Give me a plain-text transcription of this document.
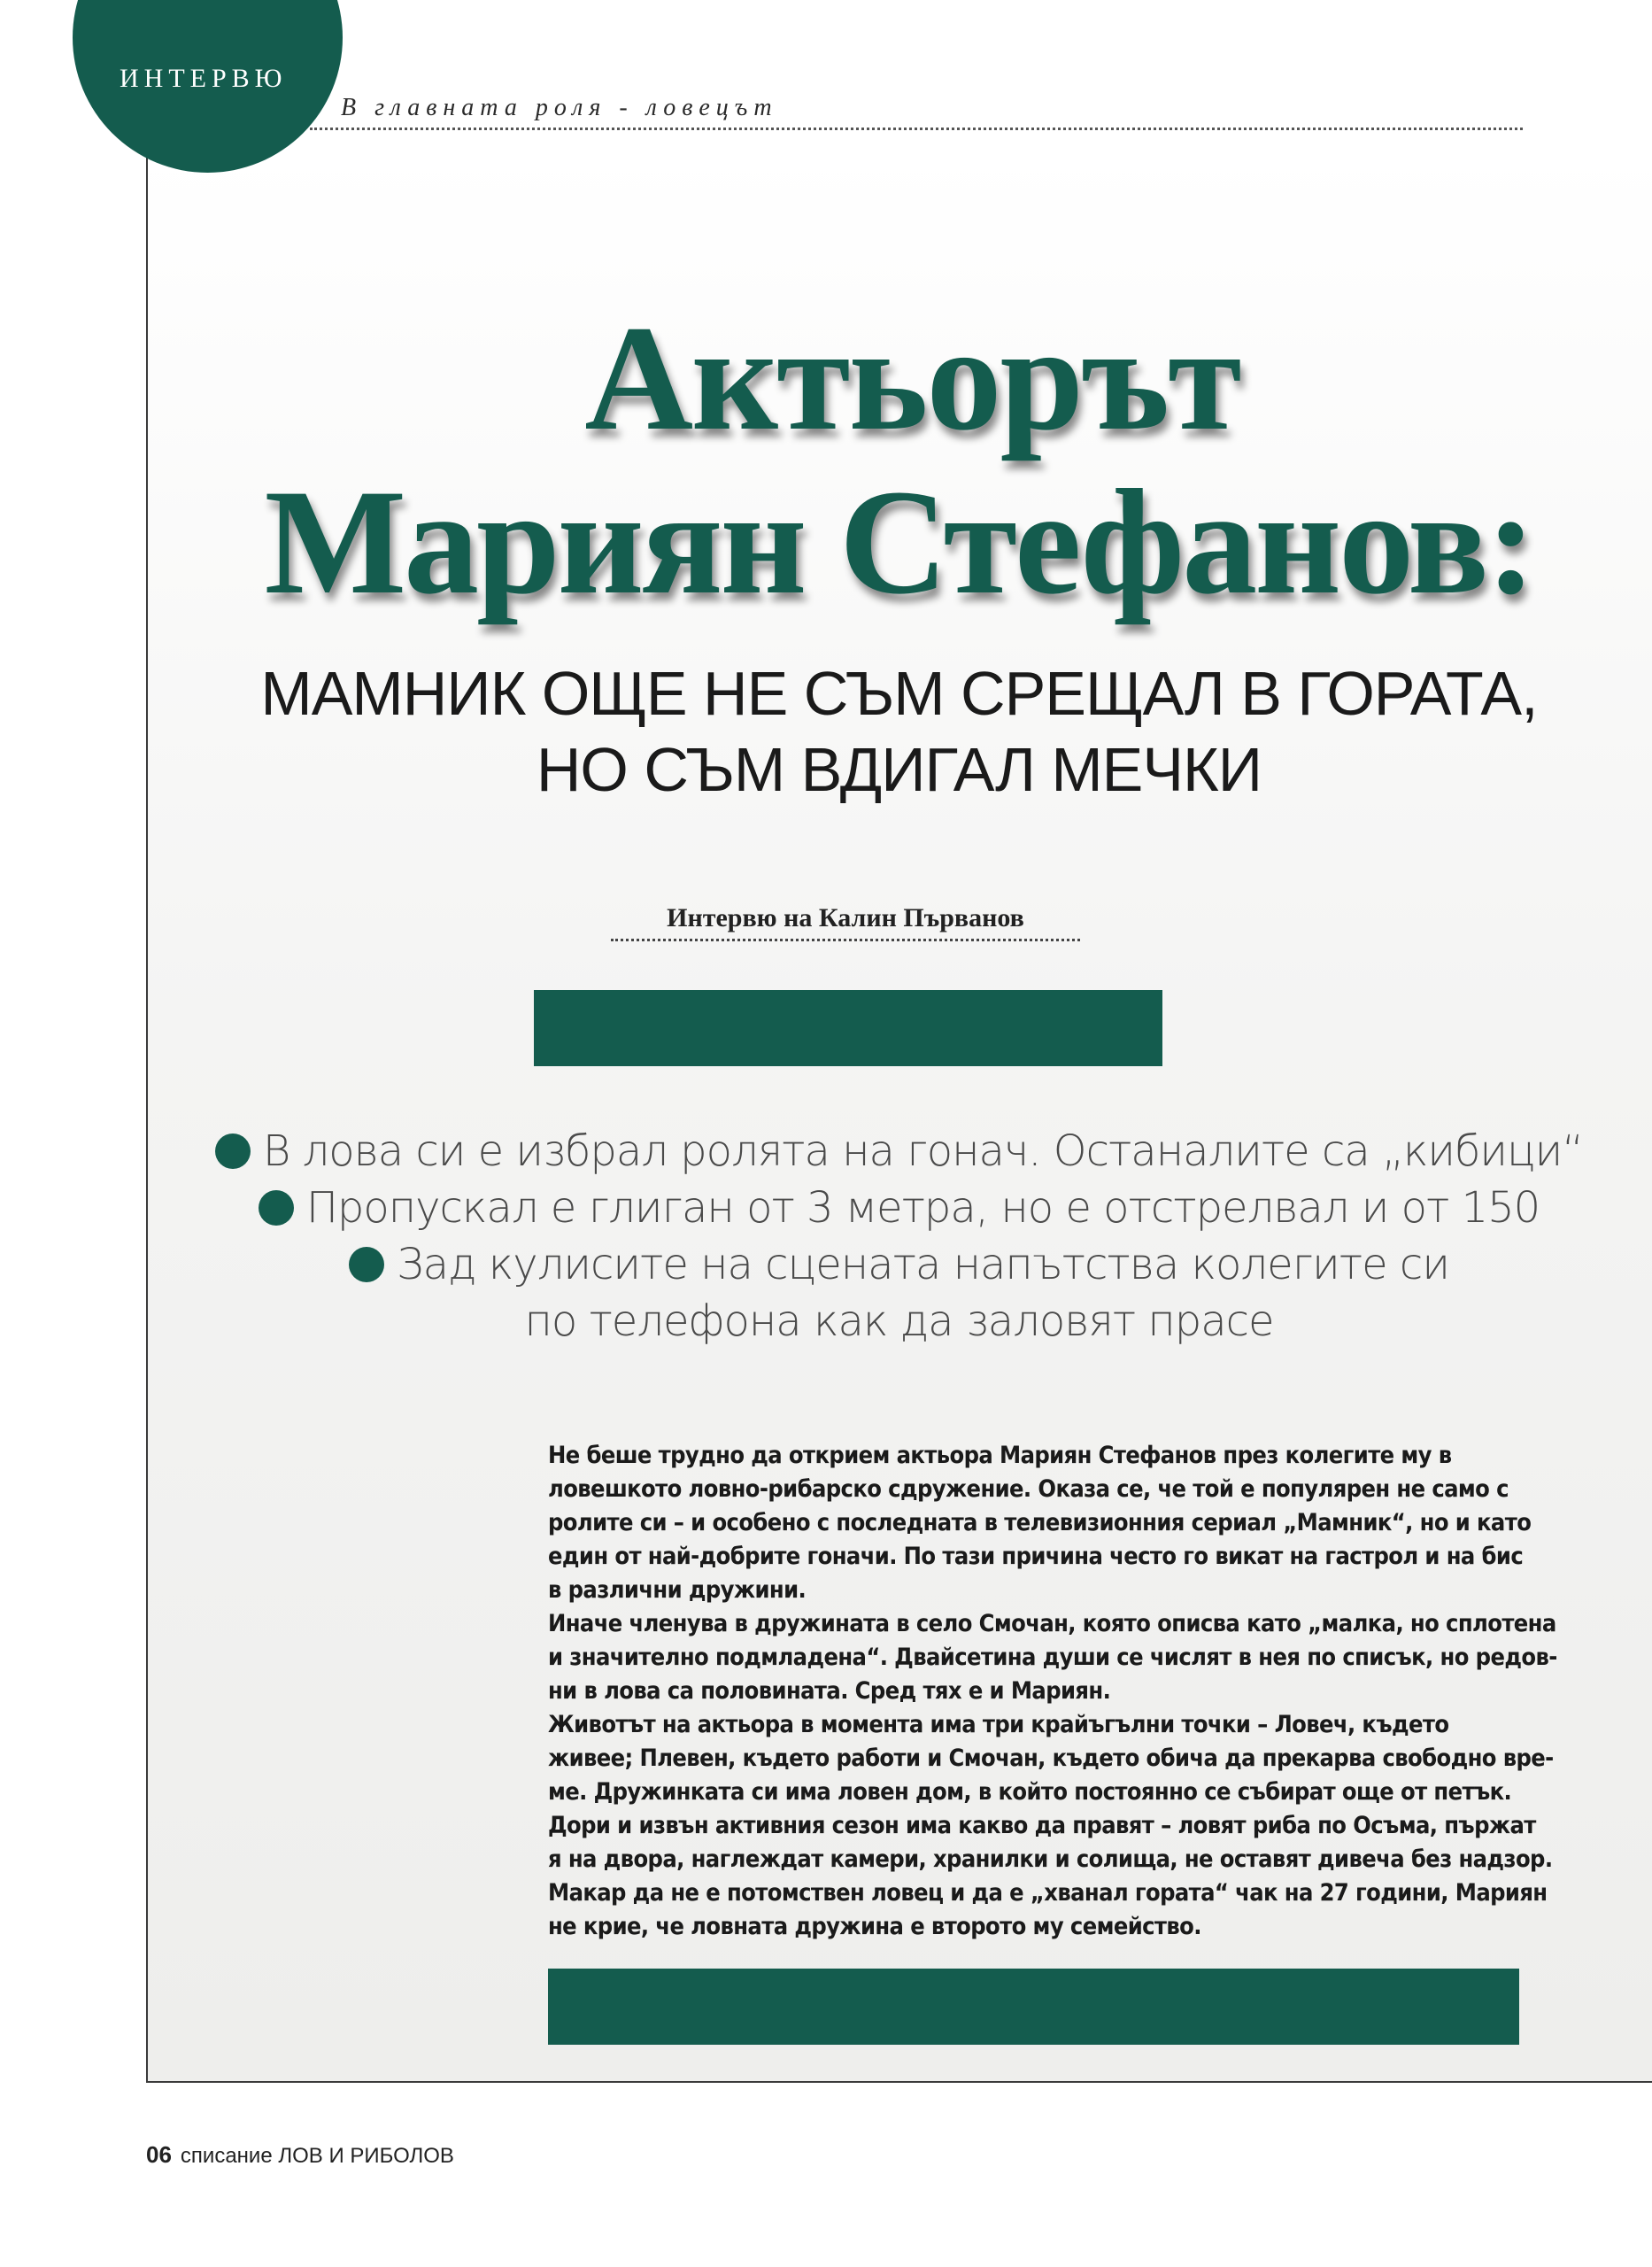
ИНТЕРВЮ
В главната роля - ловецът
Актьорът
Мариян Стефанов:
МАМНИК ОЩЕ НЕ СЪМ СРЕЩАЛ В ГОРАТА,
НО СЪМ ВДИГАЛ МЕЧКИ
Интервю на Калин Първанов
В лова си е избрал ролята на гонач. Останалите са „кибици“
Пропускал е глиган от 3 метра, но е отстрелвал и от 150
Зад кулисите на сцената напътства колегите си
по телефона как да заловят прасе

Не беше трудно да открием актьора Мариян Стефанов през колегите му в

ловешкото ловно-рибарско сдружение. Оказа се, че той е популярен не само с

ролите си – и особено с последната в телевизионния сериал „Мамник“, но и като

един от най-добрите гоначи. По тази причина често го викат на гастрол и на бис

в различни дружини.

Иначе членува в дружината в село Смочан, която описва като „малка, но сплотена

и значително подмладена“. Двайсетина души се числят в нея по списък, но редов-

ни в лова са половината. Сред тях е и Мариян.

Животът на актьора в момента има три крайъгълни точки – Ловеч, където

живее; Плевен, където работи и Смочан, където обича да прекарва свободно вре-

ме. Дружинката си има ловен дом, в който постоянно се събират още от петък.

Дори и извън активния сезон има какво да правят – ловят риба по Осъма, пържат

я на двора, наглеждат камери, хранилки и солища, не оставят дивеча без надзор.

Макар да не е потомствен ловец и да е „хванал гората“ чак на 27 години, Мариян

не крие, че ловната дружина е второто му семейство.

06 списание ЛОВ И РИБОЛОВ
